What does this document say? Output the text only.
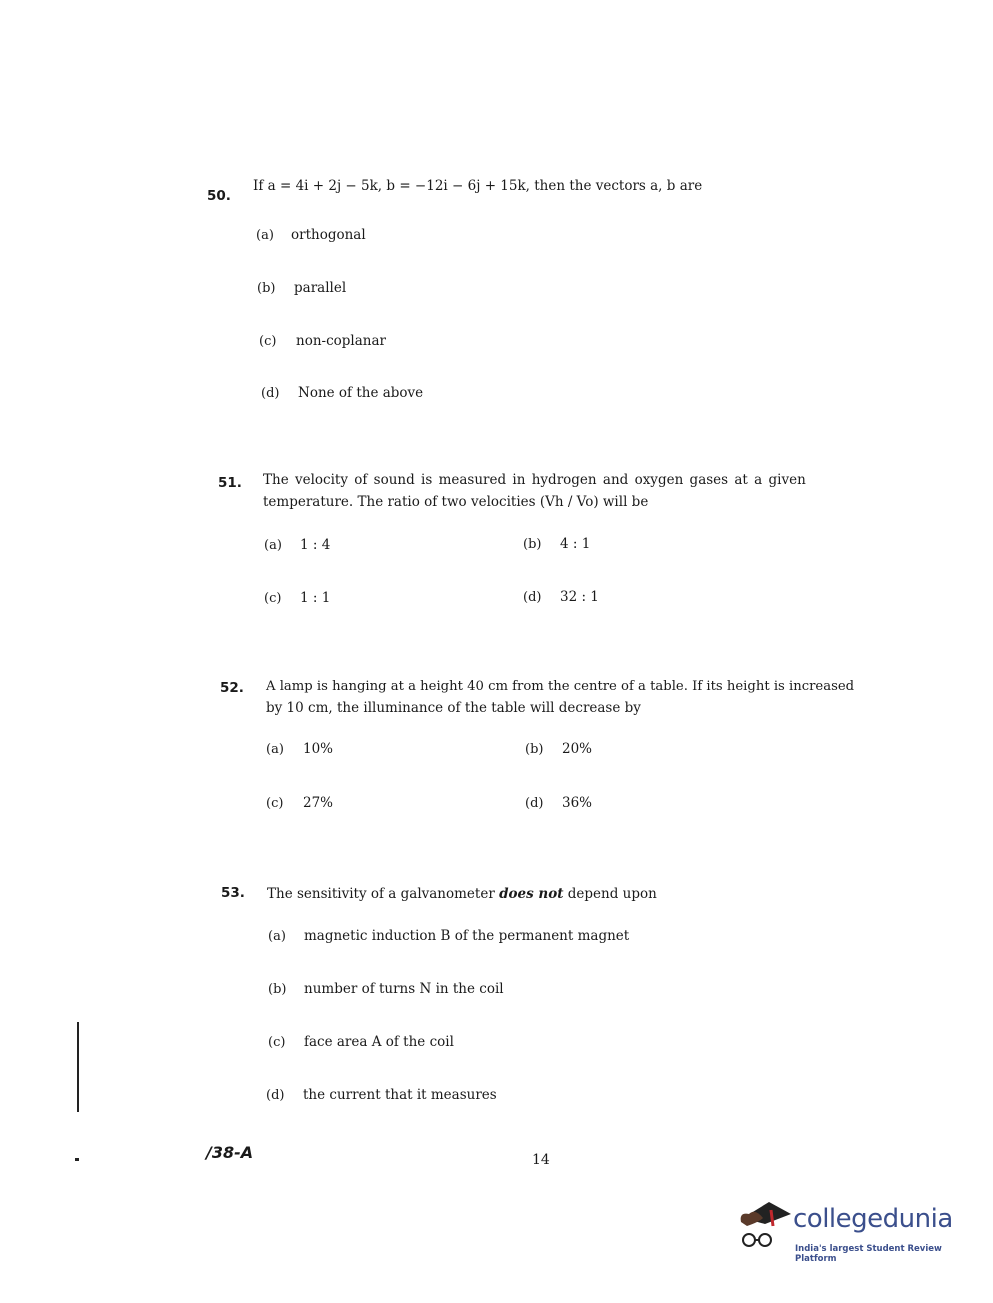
50.
If a = 4i + 2j − 5k, b = −12i − 6j + 15k, then the vectors a, b are
(a) orthogonal
(b) parallel
(c) non-coplanar
(d) None of the above
51. The velocity of sound is measured in hydrogen and oxygen gases at a given
temperature. The ratio of two velocities (Vh / Vo) will be
(a) 1 : 4	(b) 4 : 1
(c) 1 : 1	(d) 32 : 1
52. A lamp is hanging at a height 40 cm from the centre of a table. If its height is increased
by 10 cm, the illuminance of the table will decrease by
(a) 10%	(b) 20%
(c) 27%	(d) 36%
53. The sensitivity of a galvanometer does not depend upon
(a) magnetic induction B of the permanent magnet
(b) number of turns N in the coil
(c) face area A of the coil
(d) the current that it measures
/38-A	14
collegedunia
India's largest Student Review Platform
